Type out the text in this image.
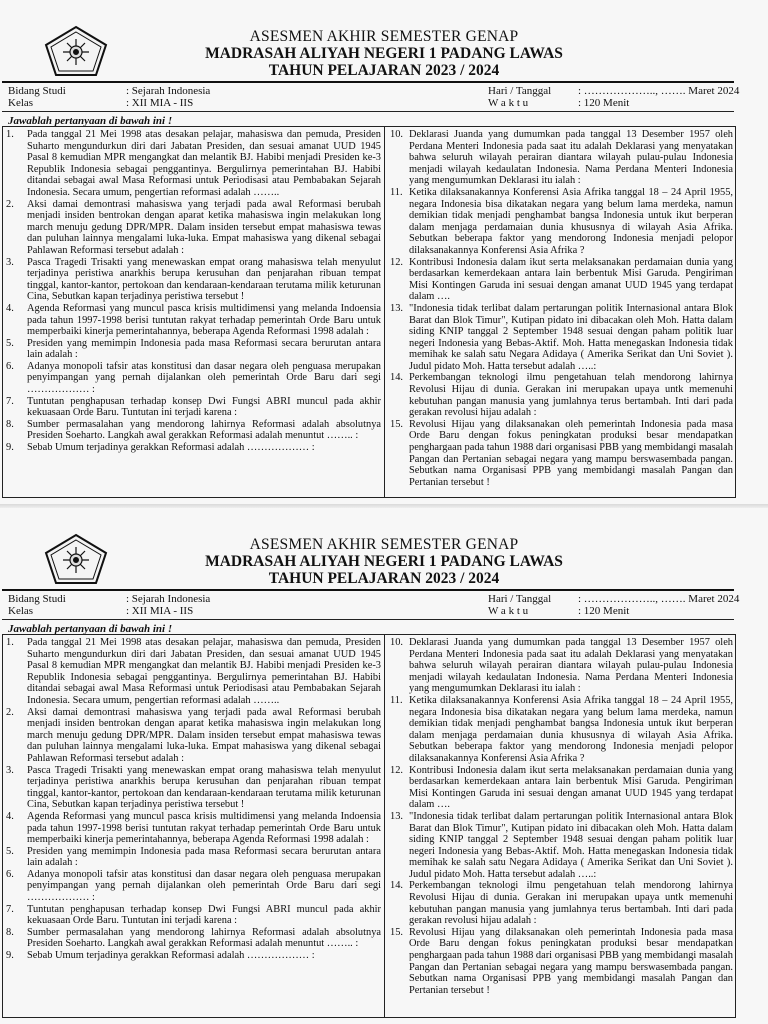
ASESMEN AKHIR SEMESTER GENAP
MADRASAH ALIYAH NEGERI 1 PADANG LAWAS
TAHUN PELAJARAN 2023 / 2024
Bidang Studi	: Sejarah Indonesia
Kelas	: XII MIA - IIS
Hari / Tanggal : ……………….., ……. Maret 2024
W a k t u	: 120 Menit
Jawablah pertanyaan di bawah ini !
1. Pada tanggal 21 Mei 1998 atas desakan pelajar, mahasiswa dan pemuda, Presiden Suharto mengundurkun diri dari Jabatan Presiden, dan sesuai amanat UUD 1945 Pasal 8 kemudian MPR mengangkat dan melantik BJ. Habibi menjadi Presiden ke-3 Republik Indonesia sebagai penggantinya. Bergulirnya pemerintahan BJ. Habibi ditandai sebagai awal Masa Reformasi untuk Periodisasi atau Pembabakan Sejarah Indonesia. Secara umum, pengertian reformasi adalah ……..
2. Aksi damai demontrasi mahasiswa yang terjadi pada awal Reformasi berubah menjadi insiden bentrokan dengan aparat ketika mahasiswa ingin melakukan long march menuju gedung DPR/MPR. Dalam insiden tersebut empat mahasiswa tewas dan puluhan lainnya mengalami luka-luka. Empat mahasiswa yang dikenal sebagai Pahlawan Reformasi tersebut adalah :
3. Pasca Tragedi Trisakti yang menewaskan empat orang mahasiswa telah menyulut terjadinya peristiwa anarkhis berupa kerusuhan dan penjarahan ribuan tempat tinggal, kantor-kantor, pertokoan dan kendaraan-kendaraan terutama milik keturunan Cina, Sebutkan kapan terjadinya peristiwa tersebut !
4. Agenda Reformasi yang muncul pasca krisis multidimensi yang melanda Indoensia pada tahun 1997-1998 berisi tuntutan rakyat terhadap pemerintah Orde Baru untuk memperbaiki kinerja pemerintahannya, beberapa Agenda Reformasi 1998 adalah :
5. Presiden yang memimpin Indonesia pada masa Reformasi secara berurutan antara lain adalah :
6. Adanya monopoli tafsir atas konstitusi dan dasar negara oleh penguasa merupakan penyimpangan yang pernah dijalankan oleh pemerintah Orde Baru dari segi ……………… :
7. Tuntutan penghapusan terhadap konsep Dwi Fungsi ABRI muncul pada akhir kekuasaan Orde Baru. Tuntutan ini terjadi karena :
8. Sumber permasalahan yang mendorong lahirnya Reformasi adalah absolutnya Presiden Soeharto. Langkah awal gerakkan Reformasi adalah menuntut …….. :
9. Sebab Umum terjadinya gerakkan Reformasi adalah ……………… :
10. Deklarasi Juanda yang dumumkan pada tanggal 13 Desember 1957 oleh Perdana Menteri Indonesia pada saat itu adalah Deklarasi yang menyatakan bahwa seluruh wilayah perairan diantara wilayah pulau-pulau Indonesia menjadi wilayah kedaulatan Indonesia. Nama Perdana Menteri Indonesia yang mengumumkan Deklarasi itu ialah :
11. Ketika dilaksanakannya Konferensi Asia Afrika tanggal 18 – 24 April 1955, negara Indonesia bisa dikatakan negara yang belum lama merdeka, namun demikian tidak menjadi penghambat bangsa Indonesia untuk ikut berperan dalam menjaga perdamaian dunia khususnya di wilayah Asia Afrika. Sebutkan beberapa faktor yang mendorong Indonesia menjadi pelopor dilaksanakannya Konferensi Asia Afrika ?
12. Kontribusi Indonesia dalam ikut serta melaksanakan perdamaian dunia yang berdasarkan kemerdekaan antara lain berbentuk Misi Garuda. Pengiriman Misi Kontingen Garuda ini sesuai dengan amanat UUD 1945 yang terdapat dalam ….
13. "Indonesia tidak terlibat dalam pertarungan politik Internasional antara Blok Barat dan Blok Timur", Kutipan pidato ini dibacakan oleh Moh. Hatta dalam siding KNIP tanggal 2 September 1948 sesuai dengan paham politik luar negeri Indonesia yang Bebas-Aktif. Moh. Hatta menegaskan Indonesia tidak memihak ke salah satu Negara Adidaya ( Amerika Serikat dan Uni Soviet ). Judul pidato Moh. Hatta tersebut adalah …..:
14. Perkembangan teknologi ilmu pengetahuan telah mendorong lahirnya Revolusi Hijau di dunia. Gerakan ini merupakan upaya untk memenuhi kebutuhan pangan manusia yang jumlahnya terus bertambah. Inti dari pada gerakan revolusi hijau adalah :
15. Revolusi Hijau yang dilaksanakan oleh pemerintah Indonesia pada masa Orde Baru dengan fokus peningkatan produksi besar mendapatkan penghargaan pada tahun 1988 dari organisasi PBB yang membidangi masalah Pangan dan Pertanian sebagai negara yang mampu berswasembada pangan. Sebutkan nama Organisasi PPB yang membidangi masalah Pangan dan Pertanian tersebut !
ASESMEN AKHIR SEMESTER GENAP
MADRASAH ALIYAH NEGERI 1 PADANG LAWAS
TAHUN PELAJARAN 2023 / 2024
Bidang Studi	: Sejarah Indonesia
Kelas	: XII MIA - IIS
Hari / Tanggal : ……………….., ……. Maret 2024
W a k t u	: 120 Menit
Jawablah pertanyaan di bawah ini !
1. Pada tanggal 21 Mei 1998 atas desakan pelajar, mahasiswa dan pemuda, Presiden Suharto mengundurkun diri dari Jabatan Presiden, dan sesuai amanat UUD 1945 Pasal 8 kemudian MPR mengangkat dan melantik BJ. Habibi menjadi Presiden ke-3 Republik Indonesia sebagai penggantinya. Bergulirnya pemerintahan BJ. Habibi ditandai sebagai awal Masa Reformasi untuk Periodisasi atau Pembabakan Sejarah Indonesia. Secara umum, pengertian reformasi adalah ……..
2. Aksi damai demontrasi mahasiswa yang terjadi pada awal Reformasi berubah menjadi insiden bentrokan dengan aparat ketika mahasiswa ingin melakukan long march menuju gedung DPR/MPR. Dalam insiden tersebut empat mahasiswa tewas dan puluhan lainnya mengalami luka-luka. Empat mahasiswa yang dikenal sebagai Pahlawan Reformasi tersebut adalah :
3. Pasca Tragedi Trisakti yang menewaskan empat orang mahasiswa telah menyulut terjadinya peristiwa anarkhis berupa kerusuhan dan penjarahan ribuan tempat tinggal, kantor-kantor, pertokoan dan kendaraan-kendaraan terutama milik keturunan Cina, Sebutkan kapan terjadinya peristiwa tersebut !
4. Agenda Reformasi yang muncul pasca krisis multidimensi yang melanda Indoensia pada tahun 1997-1998 berisi tuntutan rakyat terhadap pemerintah Orde Baru untuk memperbaiki kinerja pemerintahannya, beberapa Agenda Reformasi 1998 adalah :
5. Presiden yang memimpin Indonesia pada masa Reformasi secara berurutan antara lain adalah :
6. Adanya monopoli tafsir atas konstitusi dan dasar negara oleh penguasa merupakan penyimpangan yang pernah dijalankan oleh pemerintah Orde Baru dari segi ……………… :
7. Tuntutan penghapusan terhadap konsep Dwi Fungsi ABRI muncul pada akhir kekuasaan Orde Baru. Tuntutan ini terjadi karena :
8. Sumber permasalahan yang mendorong lahirnya Reformasi adalah absolutnya Presiden Soeharto. Langkah awal gerakkan Reformasi adalah menuntut …….. :
9. Sebab Umum terjadinya gerakkan Reformasi adalah ……………… :
10. Deklarasi Juanda yang dumumkan pada tanggal 13 Desember 1957 oleh Perdana Menteri Indonesia pada saat itu adalah Deklarasi yang menyatakan bahwa seluruh wilayah perairan diantara wilayah pulau-pulau Indonesia menjadi wilayah kedaulatan Indonesia. Nama Perdana Menteri Indonesia yang mengumumkan Deklarasi itu ialah :
11. Ketika dilaksanakannya Konferensi Asia Afrika tanggal 18 – 24 April 1955, negara Indonesia bisa dikatakan negara yang belum lama merdeka, namun demikian tidak menjadi penghambat bangsa Indonesia untuk ikut berperan dalam menjaga perdamaian dunia khususnya di wilayah Asia Afrika. Sebutkan beberapa faktor yang mendorong Indonesia menjadi pelopor dilaksanakannya Konferensi Asia Afrika ?
12. Kontribusi Indonesia dalam ikut serta melaksanakan perdamaian dunia yang berdasarkan kemerdekaan antara lain berbentuk Misi Garuda. Pengiriman Misi Kontingen Garuda ini sesuai dengan amanat UUD 1945 yang terdapat dalam ….
13. "Indonesia tidak terlibat dalam pertarungan politik Internasional antara Blok Barat dan Blok Timur", Kutipan pidato ini dibacakan oleh Moh. Hatta dalam siding KNIP tanggal 2 September 1948 sesuai dengan paham politik luar negeri Indonesia yang Bebas-Aktif. Moh. Hatta menegaskan Indonesia tidak memihak ke salah satu Negara Adidaya ( Amerika Serikat dan Uni Soviet ). Judul pidato Moh. Hatta tersebut adalah …..:
14. Perkembangan teknologi ilmu pengetahuan telah mendorong lahirnya Revolusi Hijau di dunia. Gerakan ini merupakan upaya untk memenuhi kebutuhan pangan manusia yang jumlahnya terus bertambah. Inti dari pada gerakan revolusi hijau adalah :
15. Revolusi Hijau yang dilaksanakan oleh pemerintah Indonesia pada masa Orde Baru dengan fokus peningkatan produksi besar mendapatkan penghargaan pada tahun 1988 dari organisasi PBB yang membidangi masalah Pangan dan Pertanian sebagai negara yang mampu berswasembada pangan. Sebutkan nama Organisasi PPB yang membidangi masalah Pangan dan Pertanian tersebut !
